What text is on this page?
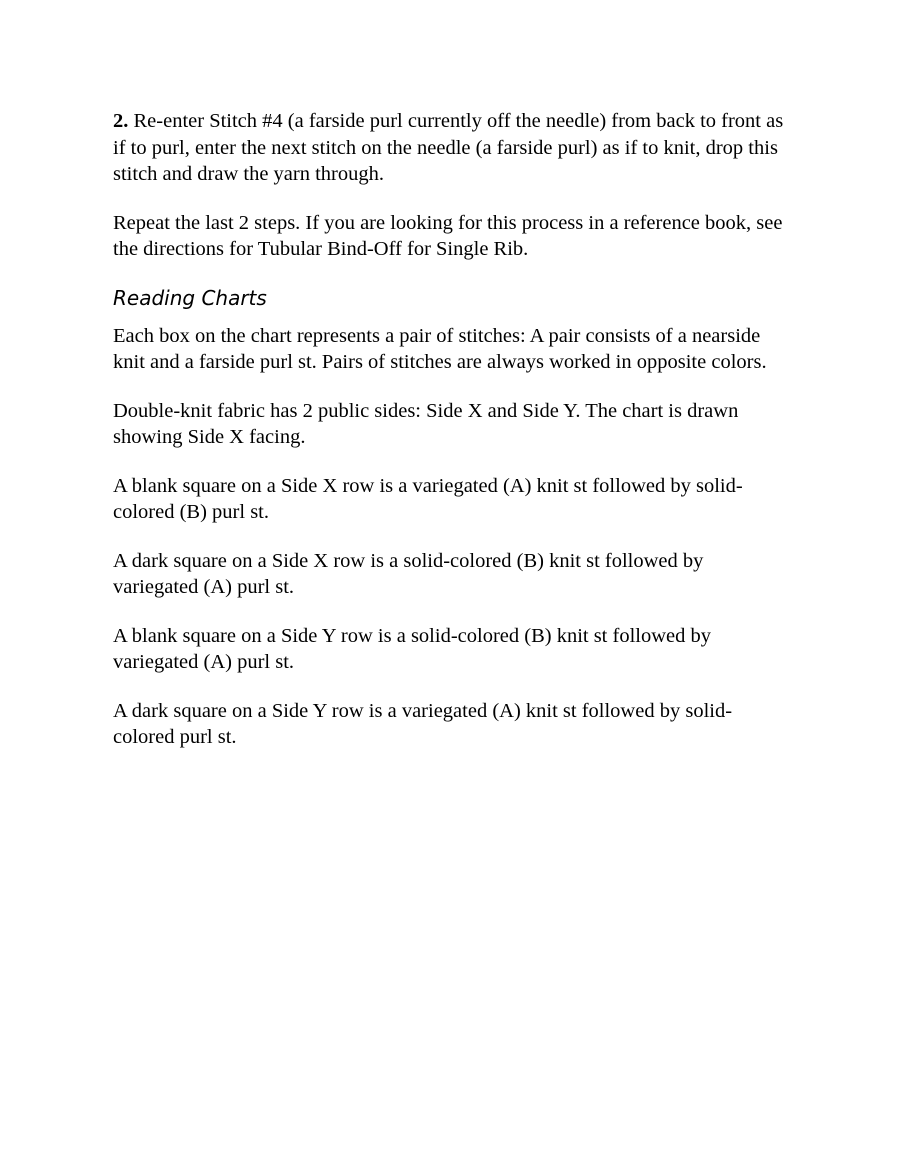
2. Re-enter Stitch #4 (a farside purl currently off the needle) from back to front as if to purl, enter the next stitch on the needle (a farside purl) as if to knit, drop this stitch and draw the yarn through.

Repeat the last 2 steps. If you are looking for this process in a reference book, see the directions for Tubular Bind-Off for Single Rib.

Reading Charts

Each box on the chart represents a pair of stitches: A pair consists of a nearside knit and a farside purl st. Pairs of stitches are always worked in opposite colors.

Double-knit fabric has 2 public sides: Side X and Side Y. The chart is drawn showing Side X facing.

A blank square on a Side X row is a variegated (A) knit st followed by solid-colored (B) purl st.

A dark square on a Side X row is a solid-colored (B) knit st followed by variegated (A) purl st.

A blank square on a Side Y row is a solid-colored (B) knit st followed by variegated (A) purl st.

A dark square on a Side Y row is a variegated (A) knit st followed by solid-colored purl st.
